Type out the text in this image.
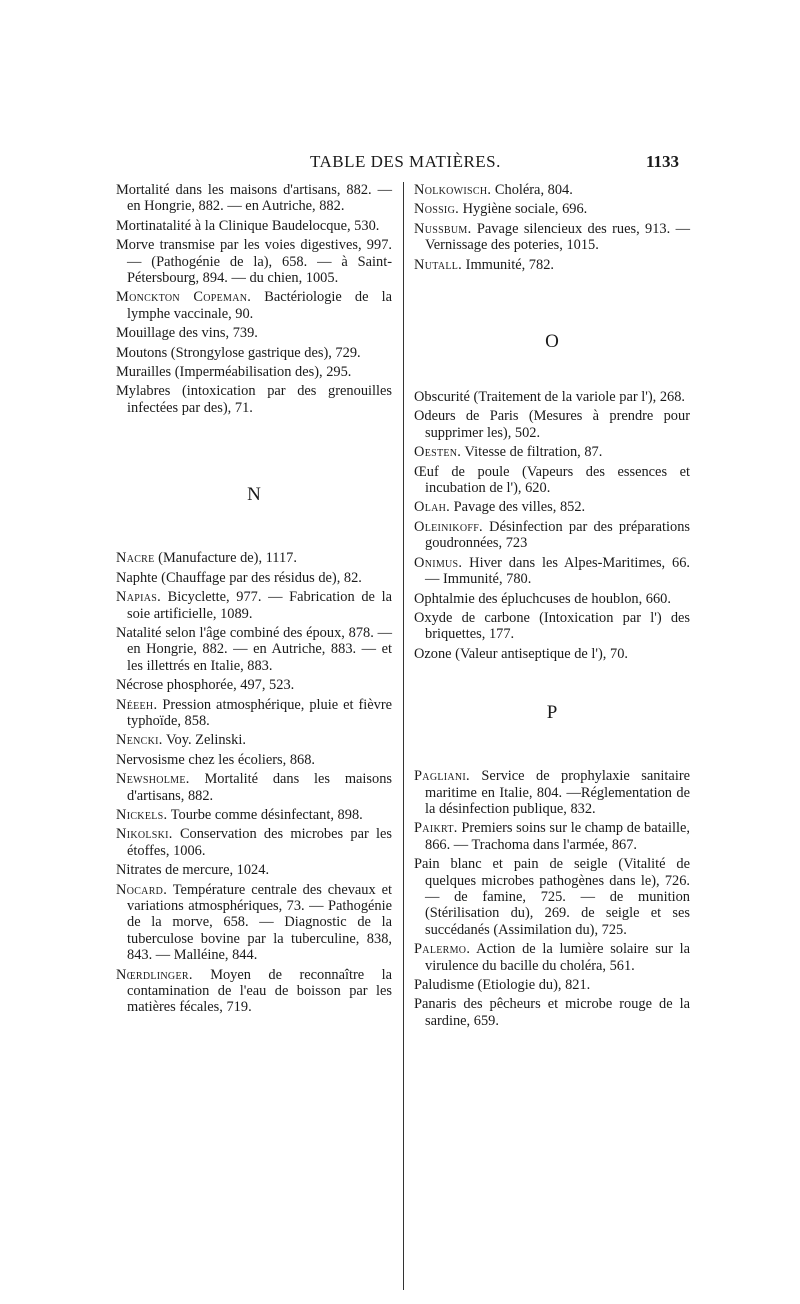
TABLE DES MATIÈRES.	1133

Mortalité dans les maisons d'artisans, 882. — en Hongrie, 882. — en Autriche, 882.

Mortinatalité à la Clinique Baudelocque, 530.

Morve transmise par les voies digestives, 997. — (Pathogénie de la), 658. — à Saint-Pétersbourg, 894. — du chien, 1005.

Monckton Copeman. Bactériologie de la lymphe vaccinale, 90.

Mouillage des vins, 739.

Moutons (Strongylose gastrique des), 729.

Murailles (Imperméabilisation des), 295.

Mylabres (intoxication par des grenouilles infectées par des), 71.

N

Nacre (Manufacture de), 1117.

Naphte (Chauffage par des résidus de), 82.

Napias. Bicyclette, 977. — Fabrication de la soie artificielle, 1089.

Natalité selon l'âge combiné des époux, 878. — en Hongrie, 882. — en Autriche, 883. — et les illettrés en Italie, 883.

Nécrose phosphorée, 497, 523.

Néeeh. Pression atmosphérique, pluie et fièvre typhoïde, 858.

Nencki. Voy. Zelinski.

Nervosisme chez les écoliers, 868.

Newsholme. Mortalité dans les maisons d'artisans, 882.

Nickels. Tourbe comme désinfectant, 898.

Nikolski. Conservation des microbes par les étoffes, 1006.

Nitrates de mercure, 1024.

Nocard. Température centrale des chevaux et variations atmosphériques, 73. — Pathogénie de la morve, 658. — Diagnostic de la tuberculose bovine par la tuberculine, 838, 843. — Malléine, 844.

Nœrdlinger. Moyen de reconnaître la contamination de l'eau de boisson par les matières fécales, 719.

Nolkowisch. Choléra, 804.

Nossig. Hygiène sociale, 696.

Nussbum. Pavage silencieux des rues, 913. — Vernissage des poteries, 1015.

Nutall. Immunité, 782.

O

Obscurité (Traitement de la variole par l'), 268.

Odeurs de Paris (Mesures à prendre pour supprimer les), 502.

Oesten. Vitesse de filtration, 87.

Œuf de poule (Vapeurs des essences et incubation de l'), 620.

Olah. Pavage des villes, 852.

Oleinikoff. Désinfection par des préparations goudronnées, 723

Onimus. Hiver dans les Alpes-Maritimes, 66. — Immunité, 780.

Ophtalmie des épluchcuses de houblon, 660.

Oxyde de carbone (Intoxication par l') des briquettes, 177.

Ozone (Valeur antiseptique de l'), 70.

P

Pagliani. Service de prophylaxie sanitaire maritime en Italie, 804. —Réglementation de la désinfection publique, 832.

Paikrt. Premiers soins sur le champ de bataille, 866. — Trachoma dans l'armée, 867.

Pain blanc et pain de seigle (Vitalité de quelques microbes pathogènes dans le), 726. — de famine, 725. — de munition (Stérilisation du), 269. de seigle et ses succédanés (Assimilation du), 725.

Palermo. Action de la lumière solaire sur la virulence du bacille du choléra, 561.

Paludisme (Etiologie du), 821.

Panaris des pêcheurs et microbe rouge de la sardine, 659.
